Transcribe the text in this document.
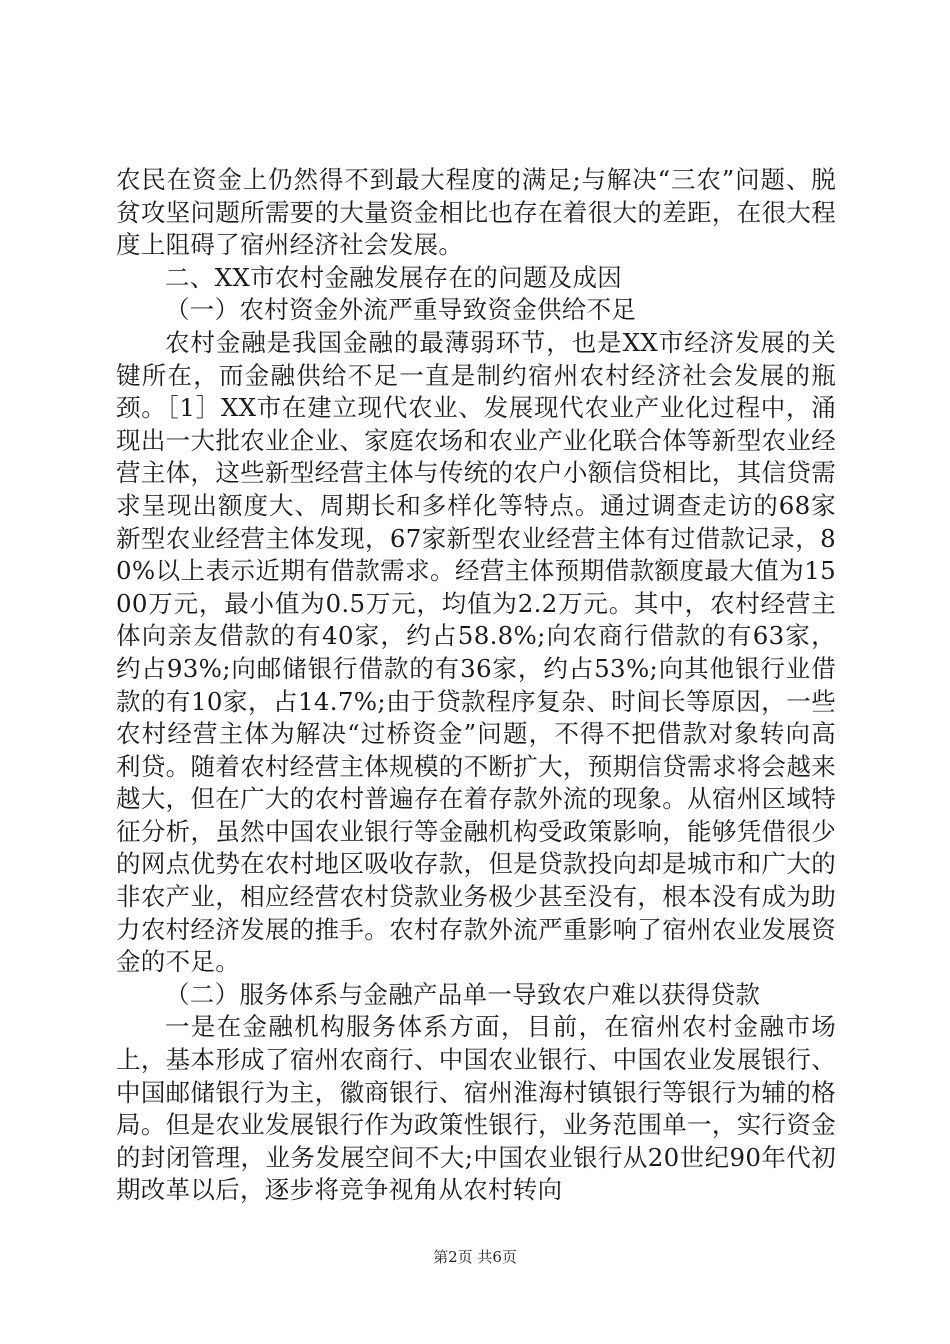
农民在资金上仍然得不到最大程度的满足;与解决“三农”问题、脱贫攻坚问题所需要的大量资金相比也存在着很大的差距，在很大程度上阻碍了宿州经济社会发展。

二、XX市农村金融发展存在的问题及成因

（一）农村资金外流严重导致资金供给不足

农村金融是我国金融的最薄弱环节，也是XX市经济发展的关键所在，而金融供给不足一直是制约宿州农村经济社会发展的瓶颈。［1］XX市在建立现代农业、发展现代农业产业化过程中，涌现出一大批农业企业、家庭农场和农业产业化联合体等新型农业经营主体，这些新型经营主体与传统的农户小额信贷相比，其信贷需求呈现出额度大、周期长和多样化等特点。通过调查走访的68家新型农业经营主体发现，67家新型农业经营主体有过借款记录，80%以上表示近期有借款需求。经营主体预期借款额度最大值为1500万元，最小值为0.5万元，均值为2.2万元。其中，农村经营主体向亲友借款的有40家，约占58.8%;向农商行借款的有63家，约占93%;向邮储银行借款的有36家，约占53%;向其他银行业借款的有10家，占14.7%;由于贷款程序复杂、时间长等原因，一些农村经营主体为解决“过桥资金”问题，不得不把借款对象转向高利贷。随着农村经营主体规模的不断扩大，预期信贷需求将会越来越大，但在广大的农村普遍存在着存款外流的现象。从宿州区域特征分析，虽然中国农业银行等金融机构受政策影响，能够凭借很少的网点优势在农村地区吸收存款，但是贷款投向却是城市和广大的非农产业，相应经营农村贷款业务极少甚至没有，根本没有成为助力农村经济发展的推手。农村存款外流严重影响了宿州农业发展资金的不足。

（二）服务体系与金融产品单一导致农户难以获得贷款

一是在金融机构服务体系方面，目前，在宿州农村金融市场上，基本形成了宿州农商行、中国农业银行、中国农业发展银行、中国邮储银行为主，徽商银行、宿州淮海村镇银行等银行为辅的格局。但是农业发展银行作为政策性银行，业务范围单一，实行资金的封闭管理，业务发展空间不大;中国农业银行从20世纪90年代初期改革以后，逐步将竞争视角从农村转向

第2页 共6页
